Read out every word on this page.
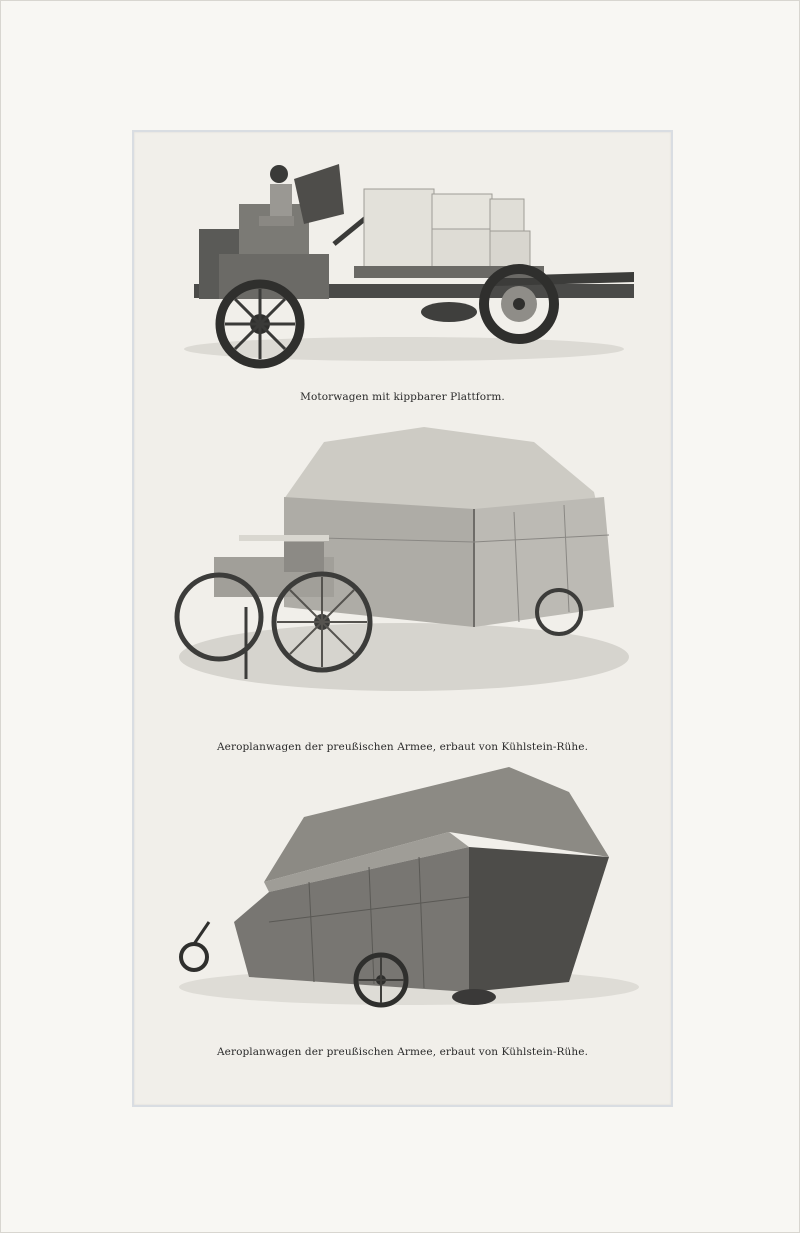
Motorwagen mit kippbarer Plattform.
Aeroplanwagen der preußischen Armee, erbaut von Kühlstein-Rühe.
Aeroplanwagen der preußischen Armee, erbaut von Kühlstein-Rühe.
